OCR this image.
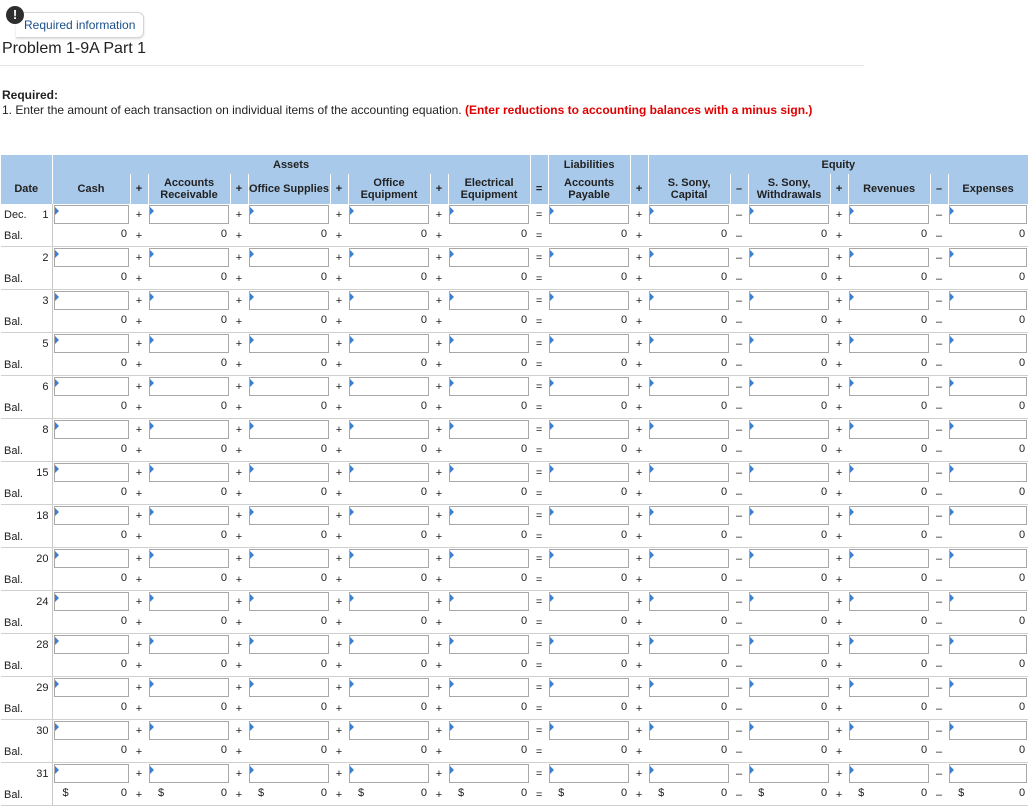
Required information
!
Problem 1-9A Part 1
Required:
1. Enter the amount of each transaction on individual items of the accounting equation. (Enter reductions to accounting balances with a minus sign.)
		Assets										Liabilities		Equity						
Date		Cash	+	Accounts Receivable	+	Office Supplies	+	Office Equipment	+	Electrical Equipment	=	Accounts Payable	+	S. Sony, Capital	–	S. Sony, Withdrawals	+	Revenues	–	Expenses
Dec.	1		+		+		+		+		=		+		–		+		–	

Bal.		0	+	0	+	0	+	0	+	0	=	0	+	0	–	0	+	0	–	0

	2		+		+		+		+		=		+		–		+		–	

Bal.		0	+	0	+	0	+	0	+	0	=	0	+	0	–	0	+	0	–	0

	3		+		+		+		+		=		+		–		+		–	

Bal.		0	+	0	+	0	+	0	+	0	=	0	+	0	–	0	+	0	–	0

	5		+		+		+		+		=		+		–		+		–	

Bal.		0	+	0	+	0	+	0	+	0	=	0	+	0	–	0	+	0	–	0

	6		+		+		+		+		=		+		–		+		–	

Bal.		0	+	0	+	0	+	0	+	0	=	0	+	0	–	0	+	0	–	0

	8		+		+		+		+		=		+		–		+		–	

Bal.		0	+	0	+	0	+	0	+	0	=	0	+	0	–	0	+	0	–	0

	15		+		+		+		+		=		+		–		+		–	

Bal.		0	+	0	+	0	+	0	+	0	=	0	+	0	–	0	+	0	–	0

	18		+		+		+		+		=		+		–		+		–	

Bal.		0	+	0	+	0	+	0	+	0	=	0	+	0	–	0	+	0	–	0

	20		+		+		+		+		=		+		–		+		–	

Bal.		0	+	0	+	0	+	0	+	0	=	0	+	0	–	0	+	0	–	0

	24		+		+		+		+		=		+		–		+		–	

Bal.		0	+	0	+	0	+	0	+	0	=	0	+	0	–	0	+	0	–	0

	28		+		+		+		+		=		+		–		+		–	

Bal.		0	+	0	+	0	+	0	+	0	=	0	+	0	–	0	+	0	–	0

	29		+		+		+		+		=		+		–		+		–	

Bal.		0	+	0	+	0	+	0	+	0	=	0	+	0	–	0	+	0	–	0

	30		+		+		+		+		=		+		–		+		–	

Bal.		0	+	0	+	0	+	0	+	0	=	0	+	0	–	0	+	0	–	0

	31		+		+		+		+		=		+		–		+		–	

Bal.		$ 0	+	$ 0	+	$ 0	+	$ 0	+	$ 0	=	$ 0	+	$ 0	–	$ 0	+	$ 0	–	$ 0
